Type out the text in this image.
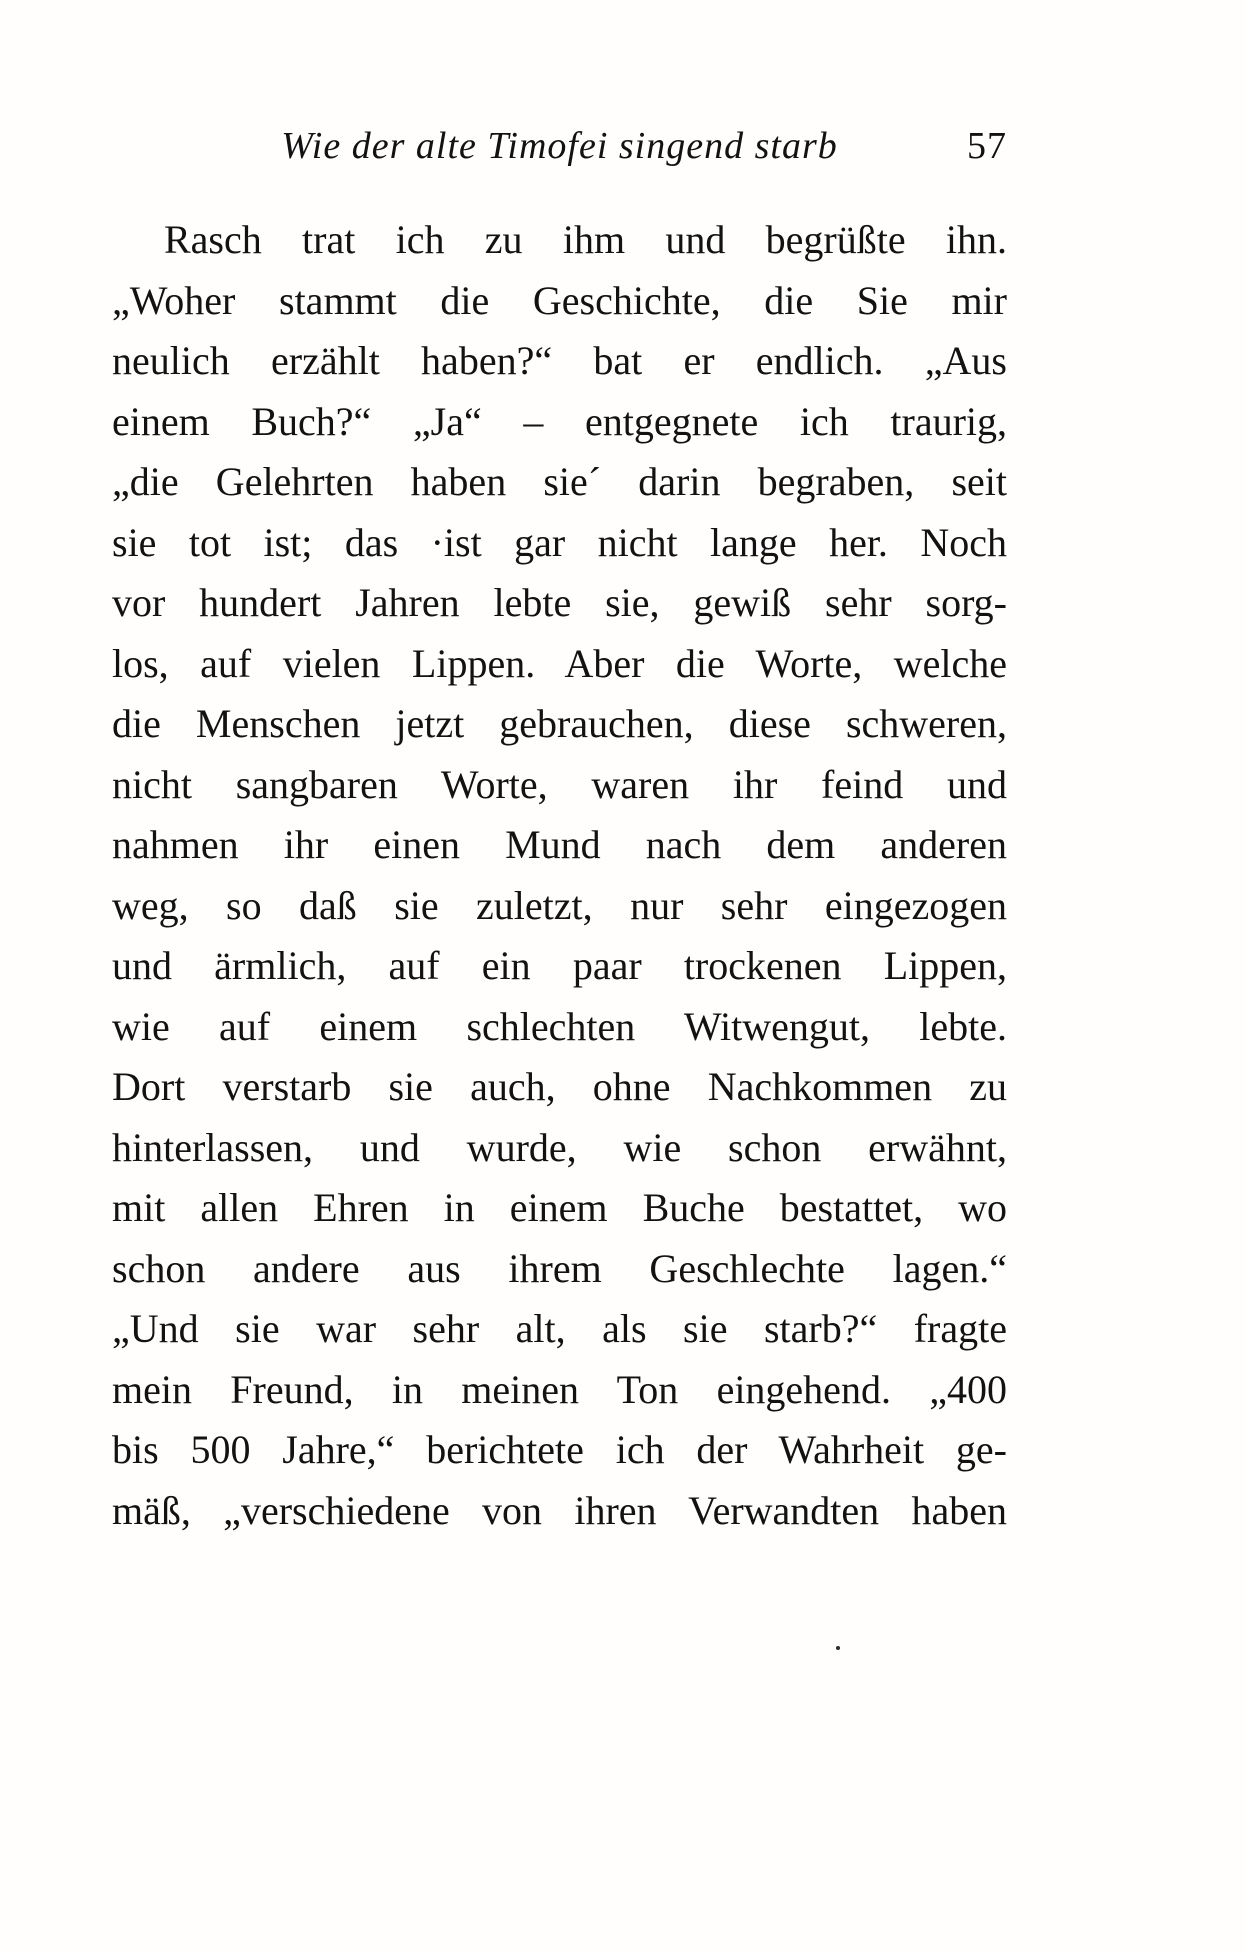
Wie der alte Timofei singend starb	57
Rasch trat ich zu ihm und begrüßte ihn.
„Woher stammt die Geschichte, die Sie mir
neulich erzählt haben?“ bat er endlich. „Aus
einem Buch?“ „Ja“ – entgegnete ich traurig,
„die Gelehrten haben sie´ darin begraben, seit
sie tot ist; das ·ist gar nicht lange her. Noch
vor hundert Jahren lebte sie, gewiß sehr sorg-
los, auf vielen Lippen. Aber die Worte, welche
die Menschen jetzt gebrauchen, diese schweren,
nicht sangbaren Worte, waren ihr feind und
nahmen ihr einen Mund nach dem anderen
weg, so daß sie zuletzt, nur sehr eingezogen
und ärmlich, auf ein paar trockenen Lippen,
wie auf einem schlechten Witwengut, lebte.
Dort verstarb sie auch, ohne Nachkommen zu
hinterlassen, und wurde, wie schon erwähnt,
mit allen Ehren in einem Buche bestattet, wo
schon andere aus ihrem Geschlechte lagen.“
„Und sie war sehr alt, als sie starb?“ fragte
mein Freund, in meinen Ton eingehend. „400
bis 500 Jahre,“ berichtete ich der Wahrheit ge-
mäß, „verschiedene von ihren Verwandten haben
